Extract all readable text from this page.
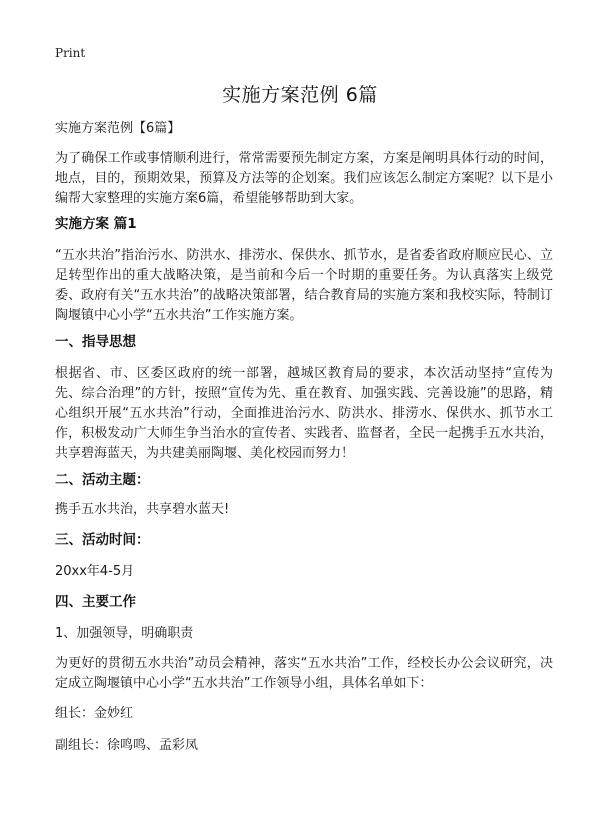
Print
实施方案范例 6篇
实施方案范例【6篇】
为了确保工作或事情顺利进行，常常需要预先制定方案，方案是阐明具体行动的时间，地点，目的，预期效果，预算及方法等的企划案。我们应该怎么制定方案呢？以下是小编帮大家整理的实施方案6篇，希望能够帮助到大家。
实施方案 篇1
“五水共治”指治污水、防洪水、排涝水、保供水、抓节水，是省委省政府顺应民心、立足转型作出的重大战略决策，是当前和今后一个时期的重要任务。为认真落实上级党委、政府有关“五水共治”的战略决策部署，结合教育局的实施方案和我校实际，特制订陶堰镇中心小学“五水共治”工作实施方案。
一、指导思想
根据省、市、区委区政府的统一部署，越城区教育局的要求，本次活动坚持“宣传为先、综合治理”的方针，按照“宣传为先、重在教育、加强实践、完善设施”的思路，精心组织开展“五水共治”行动，全面推进治污水、防洪水、排涝水、保供水、抓节水工作，积极发动广大师生争当治水的宣传者、实践者、监督者，全民一起携手五水共治，共享碧海蓝天，为共建美丽陶堰、美化校园而努力！
二、活动主题：
携手五水共治，共享碧水蓝天!
三、活动时间：
20xx年4-5月
四、主要工作
1、加强领导，明确职责
为更好的贯彻五水共治”动员会精神，落实“五水共治”工作，经校长办公会议研究，决定成立陶堰镇中心小学“五水共治”工作领导小组，具体名单如下：
组长：金妙红
副组长：徐鸣鸣、孟彩凤
